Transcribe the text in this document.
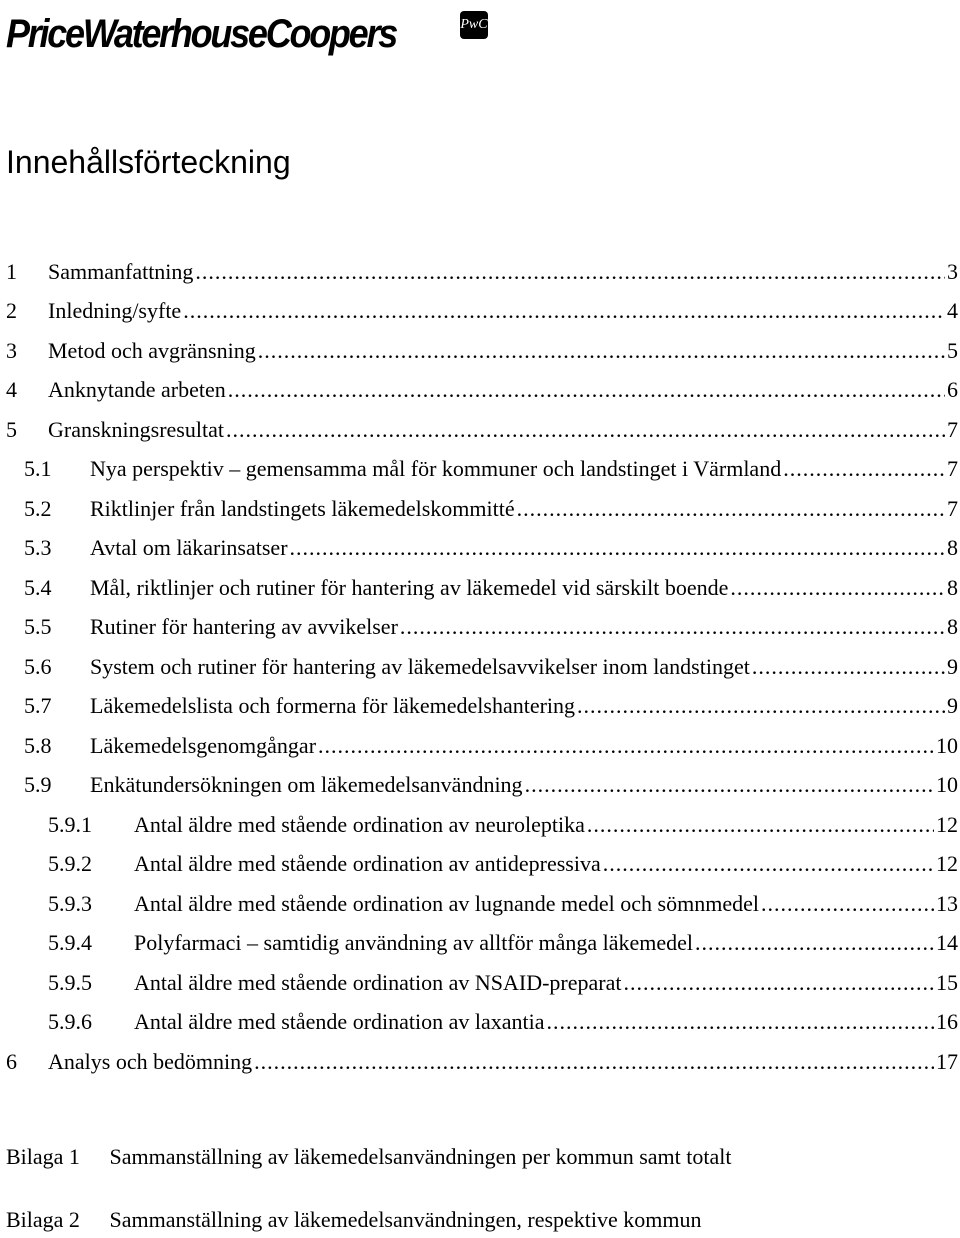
PriceWaterhouseCoopers	PwC
Innehållsförteckning
1 Sammanfattning .....	3
2 Inledning/syfte .....	4
3 Metod och avgränsning .....	5
4 Anknytande arbeten .....	6
5 Granskningsresultat .....	7
5.1 Nya perspektiv – gemensamma mål för kommuner och landstinget i Värmland .....	7
5.2 Riktlinjer från landstingets läkemedelskommitté .....	7
5.3 Avtal om läkarinsatser .....	8
5.4 Mål, riktlinjer och rutiner för hantering av läkemedel vid särskilt boende .....	8
5.5 Rutiner för hantering av avvikelser .....	8
5.6 System och rutiner för hantering av läkemedelsavvikelser inom landstinget .....	9
5.7 Läkemedelslista och formerna för läkemedelshantering .....	9
5.8 Läkemedelsgenomgångar .....	10
5.9 Enkätundersökningen om läkemedelsanvändning .....	10
5.9.1 Antal äldre med stående ordination av neuroleptika .....	12
5.9.2 Antal äldre med stående ordination av antidepressiva .....	12
5.9.3 Antal äldre med stående ordination av lugnande medel och sömnmedel .....	13
5.9.4 Polyfarmaci – samtidig användning av alltför många läkemedel .....	14
5.9.5 Antal äldre med stående ordination av NSAID-preparat .....	15
5.9.6 Antal äldre med stående ordination av laxantia .....	16
6 Analys och bedömning .....	17
Bilaga 1 Sammanställning av läkemedelsanvändningen per kommun samt totalt
Bilaga 2 Sammanställning av läkemedelsanvändningen, respektive kommun
